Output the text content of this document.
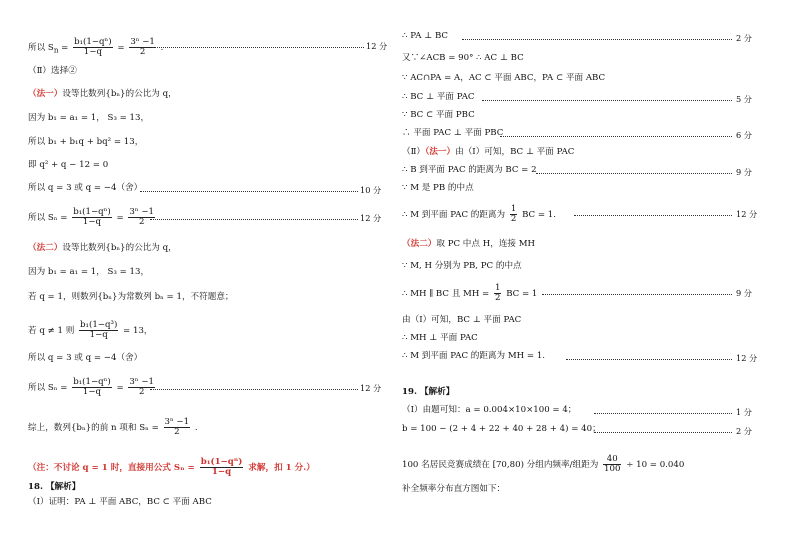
所以 $S_n = \frac{\text{b₁(1−qⁿ)}}{1-q} = \frac{\text{3ⁿ −1}}{2}$ .	12 分
（Ⅱ）选择②
（法一）设等比数列{bₙ}的公比为 q，
因为 b₁ = a₁ = 1， S₃ = 13，
所以 b₁ + b₁q + bq² = 13，
即 q² + q − 12 = 0
所以 q = 3 或 q = −4（舍）	10 分
所以 $S_n = \frac{\text{b₁(1−qⁿ)}}{1-q} = \frac{\text{3ⁿ −1}}{2}$	12 分
（法二）设等比数列{bₙ}的公比为 q，
因为 b₁ = a₁ = 1， S₃ = 13，
若 q = 1，则数列{bₙ}为常数列 bₙ = 1，不符题意；
若 q ≠ 1 则 $\frac{\text{b₁(1−q³)}}{1-q} = 13$，
所以 q = 3 或 q = −4（舍）
所以 $S_n = \frac{\text{b₁(1−qⁿ)}}{1-q} = \frac{\text{3ⁿ −1}}{2}$	12 分
综上，数列{bₙ}的前 n 项和 $S_n = \frac{\text{3ⁿ −1}}{2}$ .
（注：不讨论 q = 1 时，直接用公式 $S_n = \frac{\text{b₁(1−qⁿ)}}{1-q}$ 求解，扣 1 分.）
18. 【解析】
（Ⅰ）证明：PA ⊥ 平面 ABC，BC ⊂ 平面 ABC
∴ PA ⊥ BC	2 分
又∵∠ACB = 90° ∴ AC ⊥ BC
∵ AC∩PA = A，AC ⊂ 平面 ABC，PA ⊂ 平面 ABC
∴ BC ⊥ 平面 PAC	5 分
∵ BC ⊂ 平面 PBC
∴ 平面 PAC ⊥ 平面 PBC	6 分
（Ⅱ）（法一）由（Ⅰ）可知，BC ⊥ 平面 PAC
∴ B 到平面 PAC 的距离为 BC = 2	9 分
∵ M 是 PB 的中点
∴ M 到平面 PAC 的距离为 $\frac{1}{2}$ BC = 1.	12 分
（法二）取 PC 中点 H，连接 MH
∵ M, H 分别为 PB, PC 的中点
∴ MH ∥ BC 且 MH = $\frac{1}{2}$ BC = 1	9 分
由（Ⅰ）可知，BC ⊥ 平面 PAC
∴ MH ⊥ 平面 PAC
∴ M 到平面 PAC 的距离为 MH = 1.	12 分
19. 【解析】
（Ⅰ）由题可知：a = 0.004×10×100 = 4；	1 分
b = 100 − (2 + 4 + 22 + 40 + 28 + 4) = 40；	2 分
100 名居民竞赛成绩在 [70,80) 分组内频率/组距为 $\frac{40}{100} \div 10 = 0.040$
补全频率分布直方图如下：
